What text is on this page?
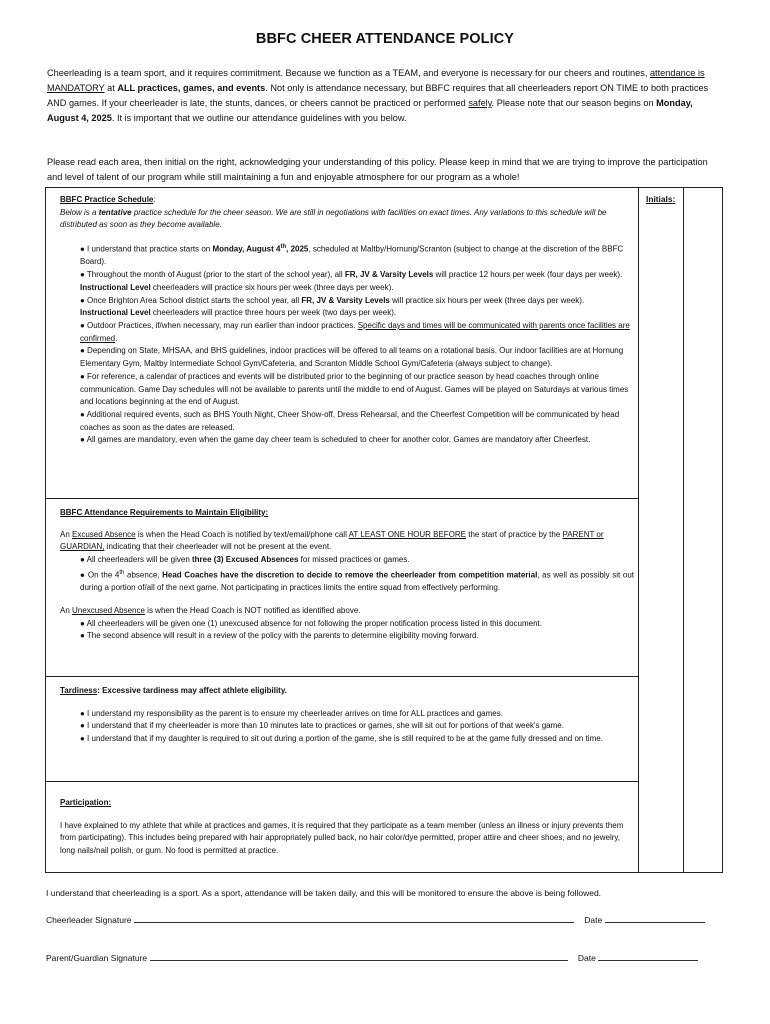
BBFC CHEER ATTENDANCE POLICY
Cheerleading is a team sport, and it requires commitment. Because we function as a TEAM, and everyone is necessary for our cheers and routines, attendance is MANDATORY at ALL practices, games, and events. Not only is attendance necessary, but BBFC requires that all cheerleaders report ON TIME to both practices AND games. If your cheerleader is late, the stunts, dances, or cheers cannot be practiced or performed safely. Please note that our season begins on Monday, August 4, 2025. It is important that we outline our attendance guidelines with you below.
Please read each area, then initial on the right, acknowledging your understanding of this policy. Please keep in mind that we are trying to improve the participation and level of talent of our program while still maintaining a fun and enjoyable atmosphere for our program as a whole!
Initials:

BBFC Practice Schedule:

Below is a tentative practice schedule for the cheer season. We are still in negotiations with facilities on exact times. Any variations to this schedule will be distributed as soon as they become available.

● I understand that practice starts on Monday, August 4th, 2025, scheduled at Maltby/Hornung/Scranton (subject to change at the discretion of the BBFC Board).

● Throughout the month of August (prior to the start of the school year), all FR, JV & Varsity Levels will practice 12 hours per week (four days per week). Instructional Level cheerleaders will practice six hours per week (three days per week).

● Once Brighton Area School district starts the school year, all FR, JV & Varsity Levels will practice six hours per week (three days per week). Instructional Level cheerleaders will practice three hours per week (two days per week).

● Outdoor Practices, if/when necessary, may run earlier than indoor practices. Specific days and times will be communicated with parents once facilities are confirmed.

● Depending on State, MHSAA, and BHS guidelines, indoor practices will be offered to all teams on a rotational basis. Our indoor facilities are at Hornung Elementary Gym, Maltby Intermediate School Gym/Cafeteria, and Scranton Middle School Gym/Cafeteria (always subject to change).

● For reference, a calendar of practices and events will be distributed prior to the beginning of our practice season by head coaches through online communication. Game Day schedules will not be available to parents until the middle to end of August. Games will be played on Saturdays at various times and locations beginning at the end of August.

● Additional required events, such as BHS Youth Night, Cheer Show-off, Dress Rehearsal, and the Cheerfest Competition will be communicated by head coaches as soon as the dates are released.

● All games are mandatory, even when the game day cheer team is scheduled to cheer for another color. Games are mandatory after Cheerfest.

BBFC Attendance Requirements to Maintain Eligibility:

An Excused Absence is when the Head Coach is notified by text/email/phone call AT LEAST ONE HOUR BEFORE the start of practice by the PARENT or GUARDIAN, indicating that their cheerleader will not be present at the event.

● All cheerleaders will be given three (3) Excused Absences for missed practices or games.

● On the 4th absence, Head Coaches have the discretion to decide to remove the cheerleader from competition material, as well as possibly sit out during a portion of/all of the next game. Not participating in practices limits the entire squad from effectively performing.

An Unexcused Absence is when the Head Coach is NOT notified as identified above.

● All cheerleaders will be given one (1) unexcused absence for not following the proper notification process listed in this document.

● The second absence will result in a review of the policy with the parents to determine eligibility moving forward.

Tardiness: Excessive tardiness may affect athlete eligibility.

● I understand my responsibility as the parent is to ensure my cheerleader arrives on time for ALL practices and games.

● I understand that if my cheerleader is more than 10 minutes late to practices or games, she will sit out for portions of that week's game.

● I understand that if my daughter is required to sit out during a portion of the game, she is still required to be at the game fully dressed and on time.

Participation:

I have explained to my athlete that while at practices and games, it is required that they participate as a team member (unless an illness or injury prevents them from participating). This includes being prepared with hair appropriately pulled back, no hair color/dye permitted, proper attire and cheer shoes, and no jewelry, long nails/nail polish, or gum. No food is permitted at practice.

I understand that cheerleading is a sport. As a sport, attendance will be taken daily, and this will be monitored to ensure the above is being followed.
Cheerleader Signature	Date
Parent/Guardian Signature	Date
